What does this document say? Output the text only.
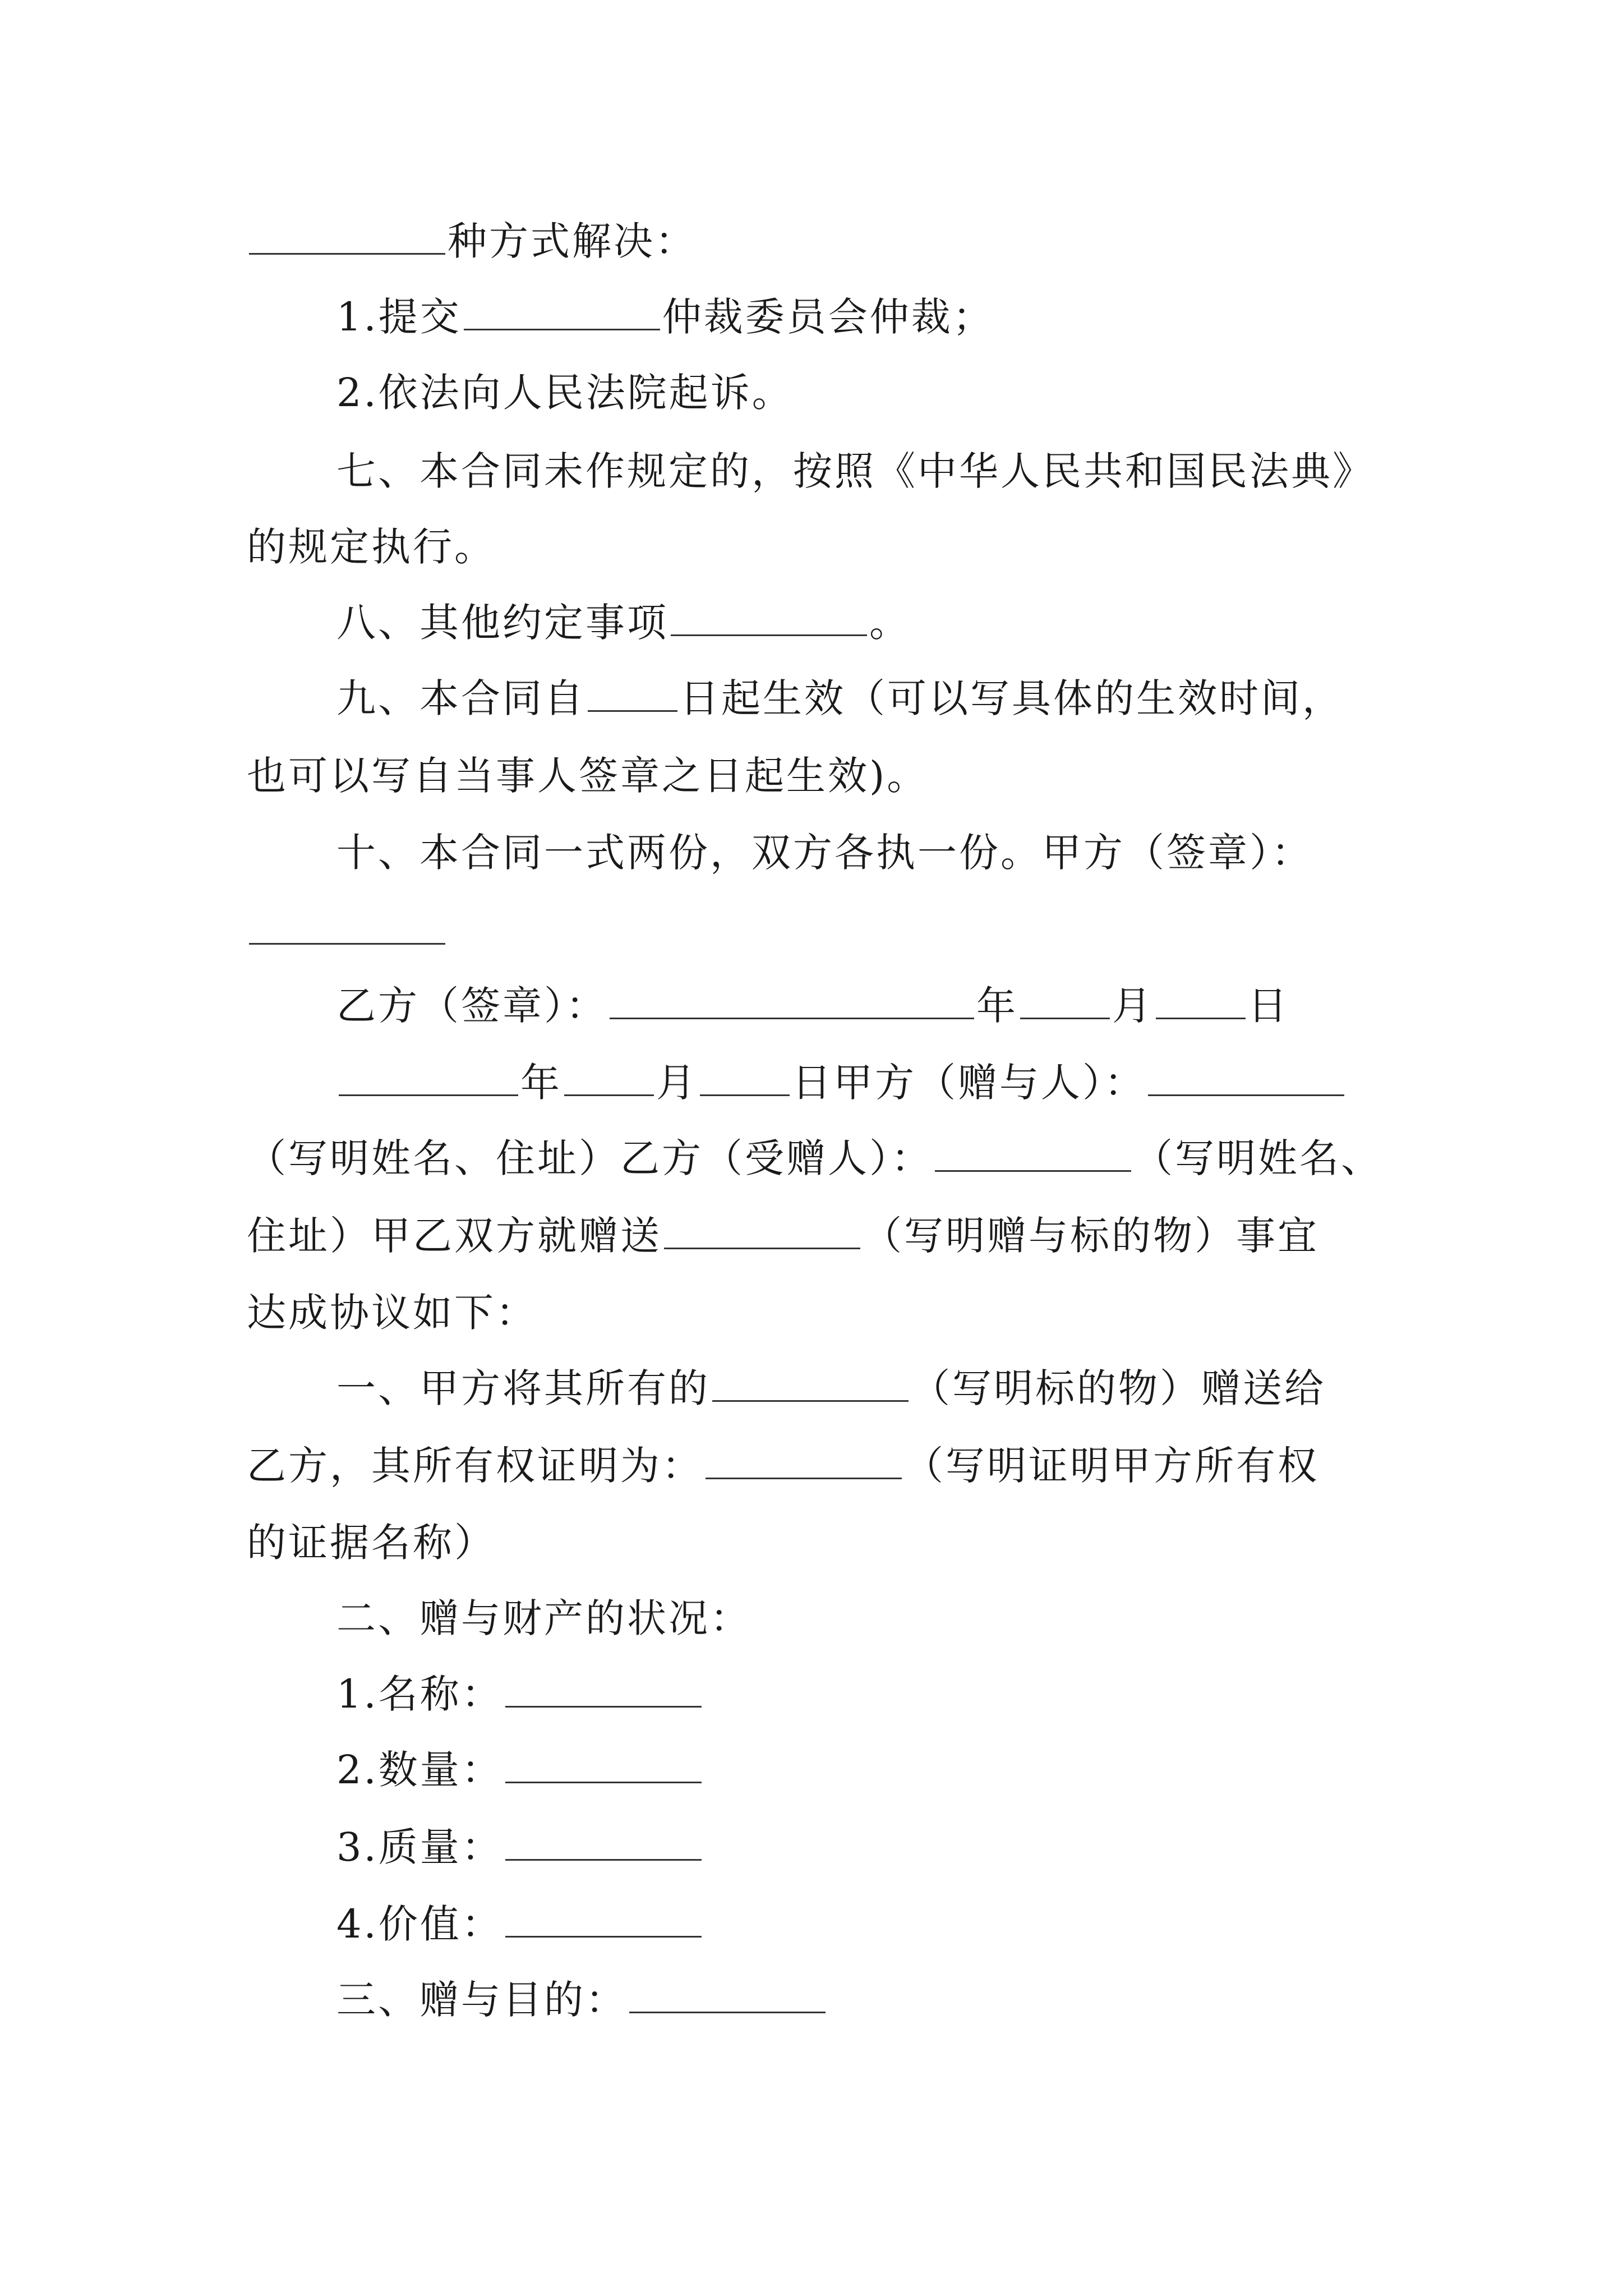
种方式解决：
1.提交	仲裁委员会仲裁；
2.依法向人民法院起诉。
七、本合同未作规定的，按照《中华人民共和国民法典》
的规定执行。
八、其他约定事项	。
九、本合同自 日起生效（可以写具体的生效时间，
也可以写自当事人签章之日起生效)。
十、本合同一式两份，双方各执一份。甲方（签章）：
乙方（签章）：	年 月 日
年 月 日甲方（赠与人）：
（写明姓名、住址）乙方（受赠人）：	（写明姓名、
住址）甲乙双方就赠送	（写明赠与标的物）事宜
达成协议如下：
一、甲方将其所有的	（写明标的物）赠送给
乙方，其所有权证明为：	（写明证明甲方所有权
的证据名称）
二、赠与财产的状况：
1.名称：
2.数量：
3.质量：
4.价值：
三、赠与目的：
